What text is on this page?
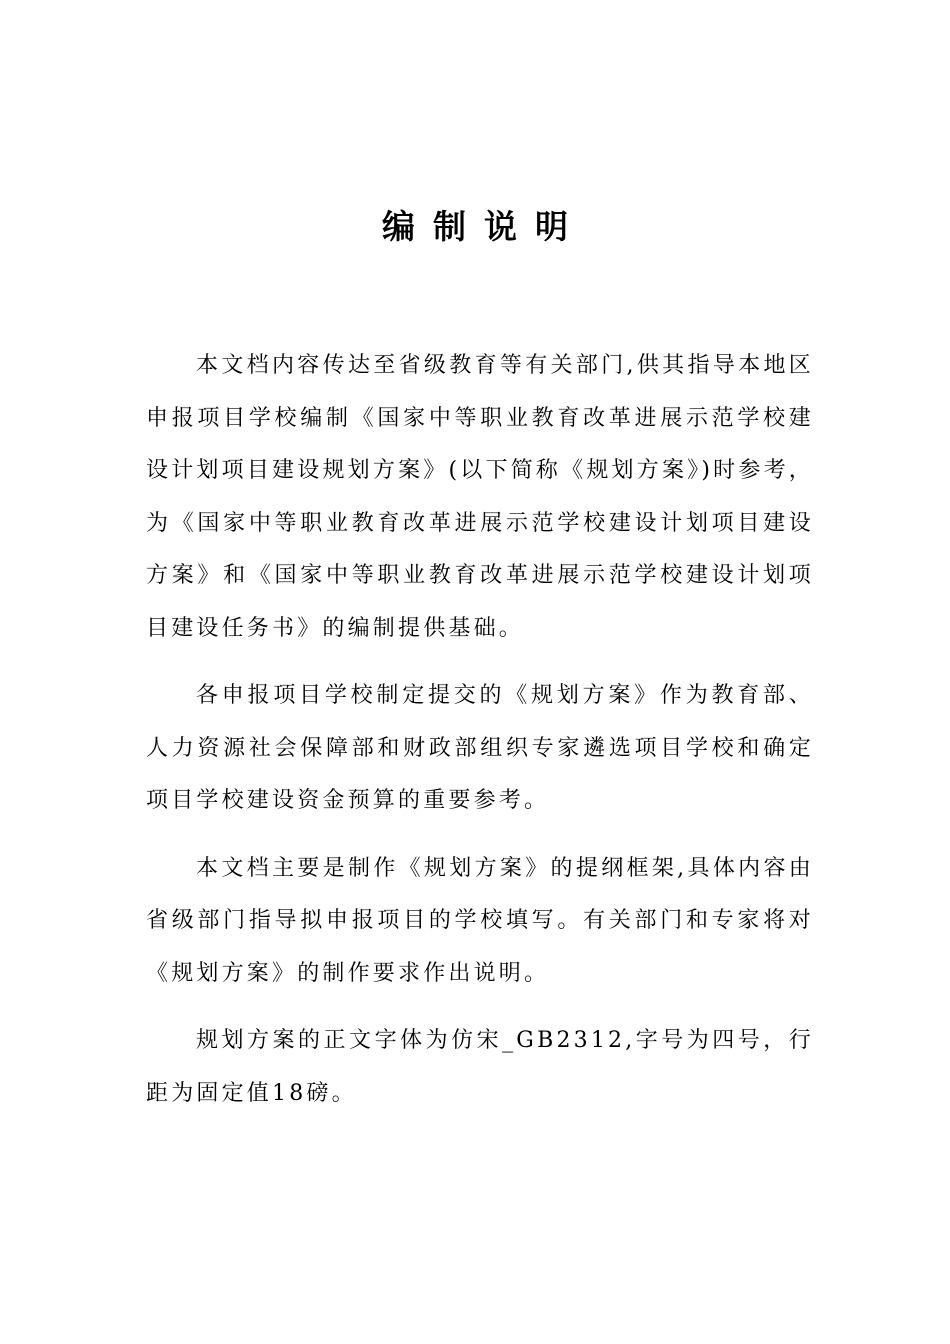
编制说明

本文档内容传达至省级教育等有关部门,供其指导本地区申报项目学校编制《国家中等职业教育改革进展示范学校建设计划项目建设规划方案》(以下简称《规划方案》)时参考，为《国家中等职业教育改革进展示范学校建设计划项目建设方案》和《国家中等职业教育改革进展示范学校建设计划项目建设任务书》的编制提供基础。

各申报项目学校制定提交的《规划方案》作为教育部、人力资源社会保障部和财政部组织专家遴选项目学校和确定项目学校建设资金预算的重要参考。

本文档主要是制作《规划方案》的提纲框架,具体内容由省级部门指导拟申报项目的学校填写。有关部门和专家将对《规划方案》的制作要求作出说明。

规划方案的正文字体为仿宋_GB2312,字号为四号，行距为固定值18磅。
